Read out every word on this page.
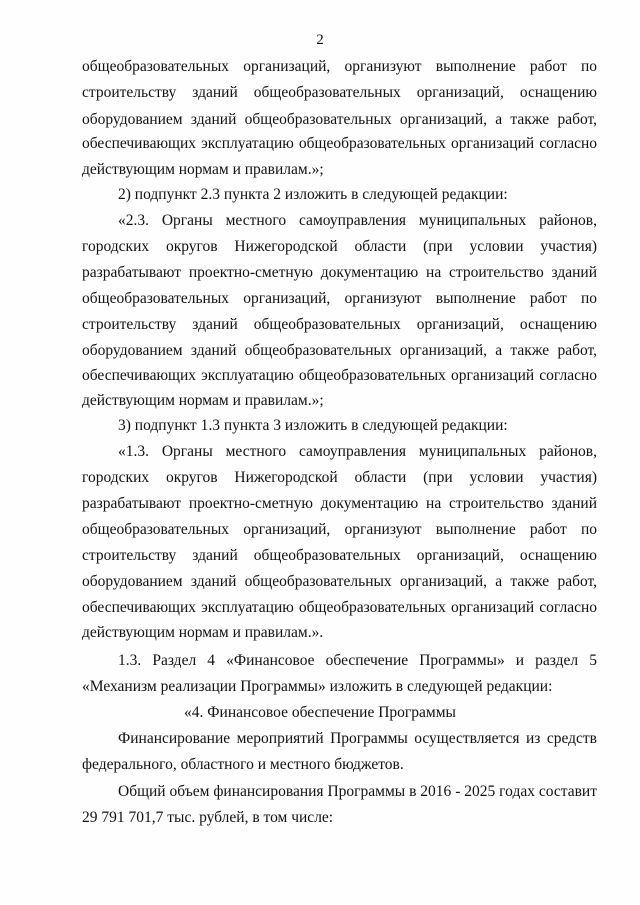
2
общеобразовательных организаций, организуют выполнение работ по
строительству зданий общеобразовательных организаций, оснащению
оборудованием зданий общеобразовательных организаций, а также работ,
обеспечивающих эксплуатацию общеобразовательных организаций согласно
действующим нормам и правилам.»;
2) подпункт 2.3 пункта 2 изложить в следующей редакции:
«2.3. Органы местного самоуправления муниципальных районов,
городских округов Нижегородской области (при условии участия)
разрабатывают проектно-сметную документацию на строительство зданий
общеобразовательных организаций, организуют выполнение работ по
строительству зданий общеобразовательных организаций, оснащению
оборудованием зданий общеобразовательных организаций, а также работ,
обеспечивающих эксплуатацию общеобразовательных организаций согласно
действующим нормам и правилам.»;
3) подпункт 1.3 пункта 3 изложить в следующей редакции:
«1.3. Органы местного самоуправления муниципальных районов,
городских округов Нижегородской области (при условии участия)
разрабатывают проектно-сметную документацию на строительство зданий
общеобразовательных организаций, организуют выполнение работ по
строительству зданий общеобразовательных организаций, оснащению
оборудованием зданий общеобразовательных организаций, а также работ,
обеспечивающих эксплуатацию общеобразовательных организаций согласно
действующим нормам и правилам.».
1.3. Раздел 4 «Финансовое обеспечение Программы» и раздел 5
«Механизм реализации Программы» изложить в следующей редакции:
«4. Финансовое обеспечение Программы
Финансирование мероприятий Программы осуществляется из средств
федерального, областного и местного бюджетов.
Общий объем финансирования Программы в 2016 - 2025 годах составит
29 791 701,7 тыс. рублей, в том числе:
